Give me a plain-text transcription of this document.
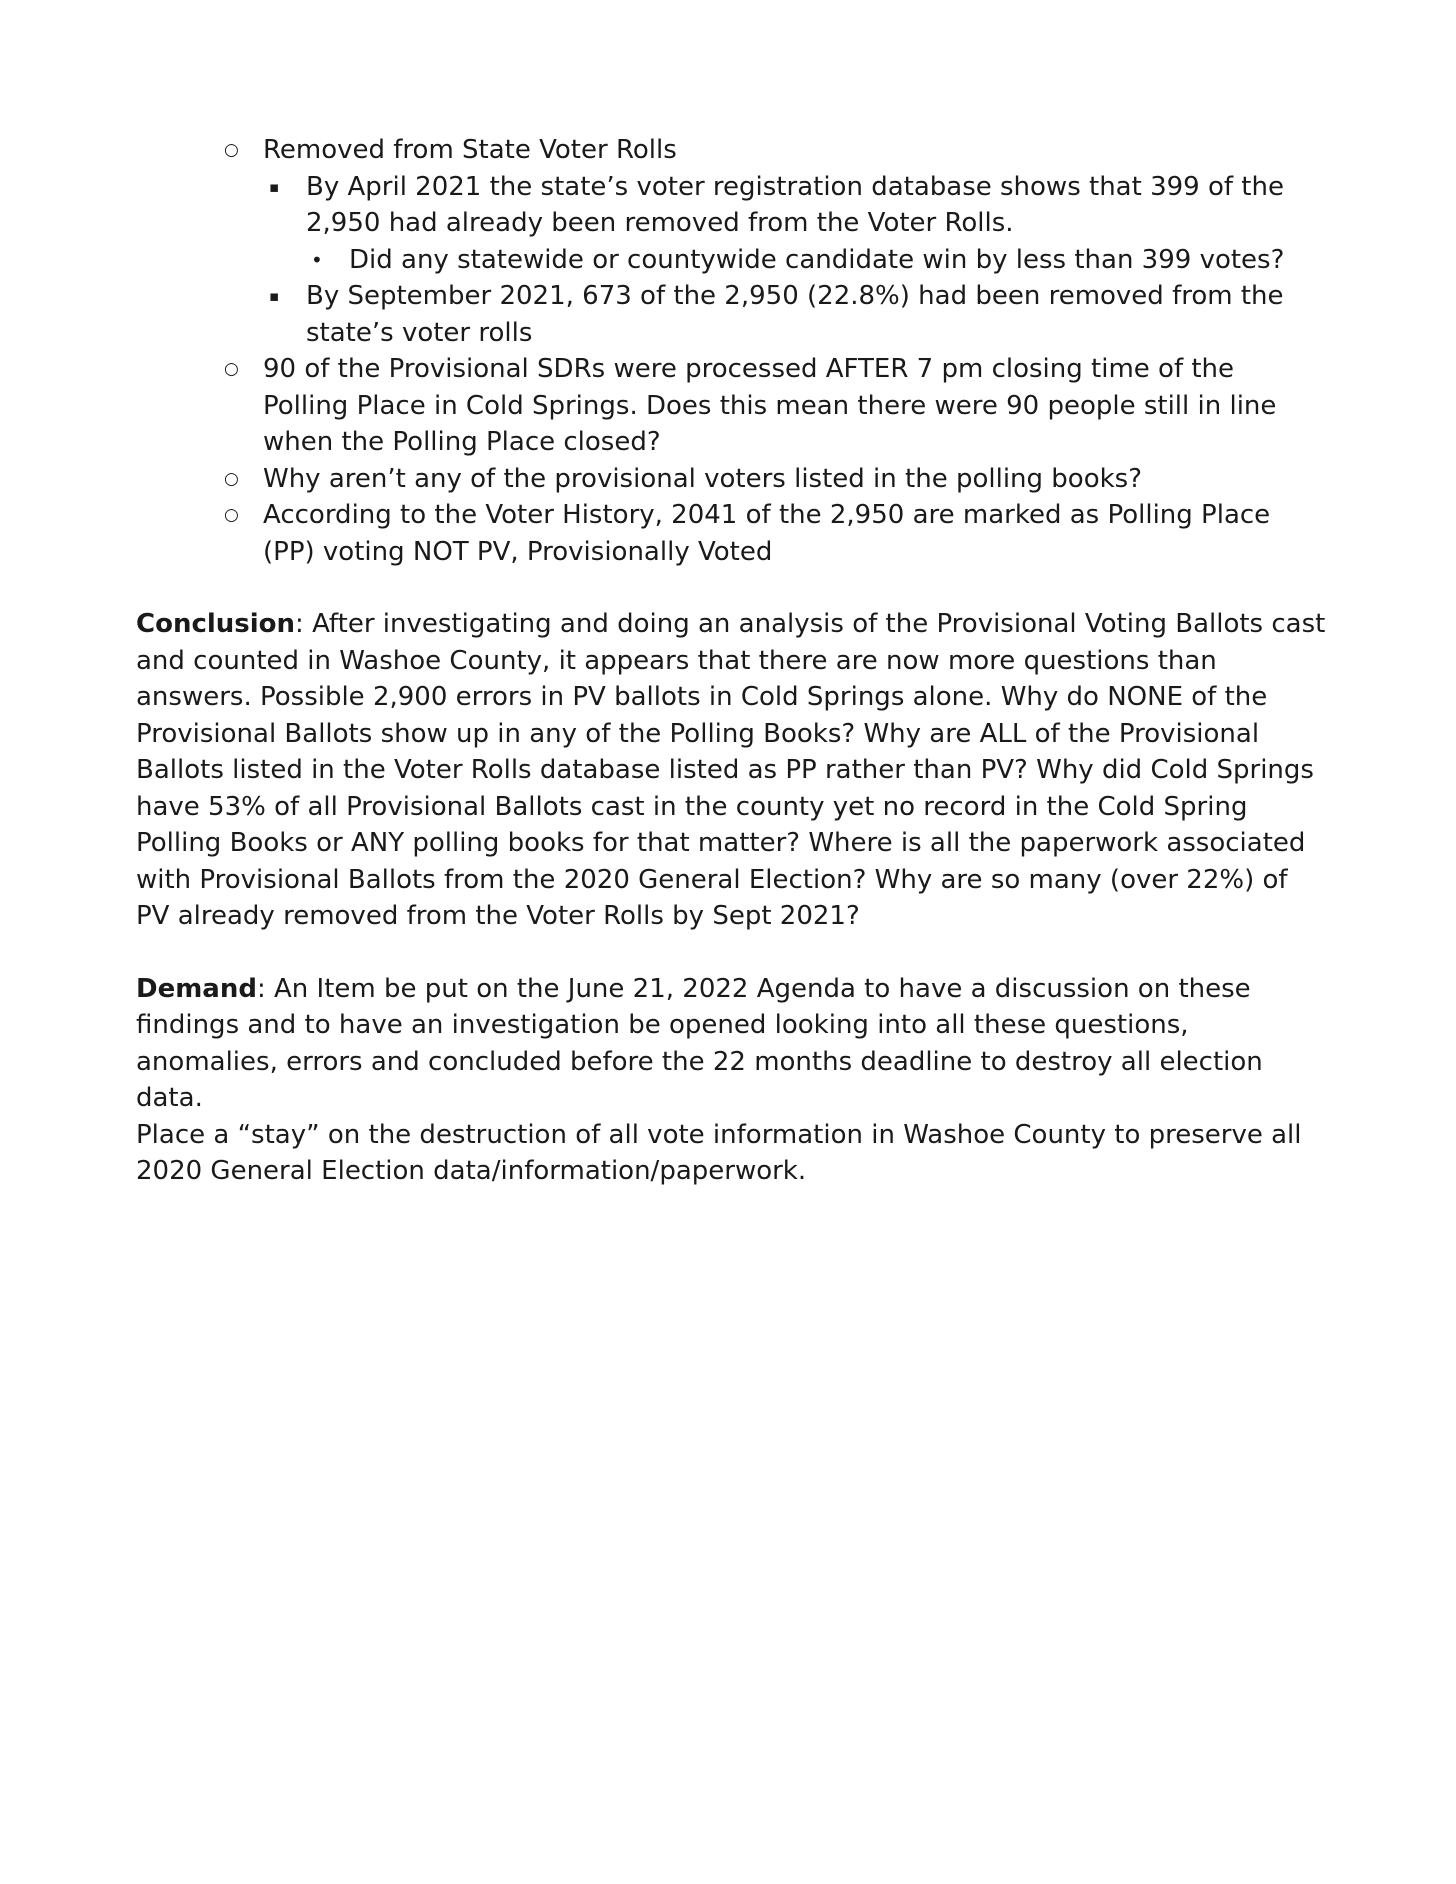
○ Removed from State Voter Rolls
▪ By April 2021 the state’s voter registration database shows that 399 of the 2,950 had already been removed from the Voter Rolls.
• Did any statewide or countywide candidate win by less than 399 votes?
▪ By September 2021, 673 of the 2,950 (22.8%) had been removed from the state’s voter rolls
○ 90 of the Provisional SDRs were processed AFTER 7 pm closing time of the Polling Place in Cold Springs. Does this mean there were 90 people still in line when the Polling Place closed?
○ Why aren’t any of the provisional voters listed in the polling books?
○ According to the Voter History, 2041 of the 2,950 are marked as Polling Place (PP) voting NOT PV, Provisionally Voted

Conclusion: After investigating and doing an analysis of the Provisional Voting Ballots cast and counted in Washoe County, it appears that there are now more questions than answers. Possible 2,900 errors in PV ballots in Cold Springs alone. Why do NONE of the Provisional Ballots show up in any of the Polling Books? Why are ALL of the Provisional Ballots listed in the Voter Rolls database listed as PP rather than PV? Why did Cold Springs have 53% of all Provisional Ballots cast in the county yet no record in the Cold Spring Polling Books or ANY polling books for that matter? Where is all the paperwork associated with Provisional Ballots from the 2020 General Election? Why are so many (over 22%) of PV already removed from the Voter Rolls by Sept 2021?

Demand: An Item be put on the June 21, 2022 Agenda to have a discussion on these findings and to have an investigation be opened looking into all these questions, anomalies, errors and concluded before the 22 months deadline to destroy all election data.

Place a “stay” on the destruction of all vote information in Washoe County to preserve all 2020 General Election data/information/paperwork.
